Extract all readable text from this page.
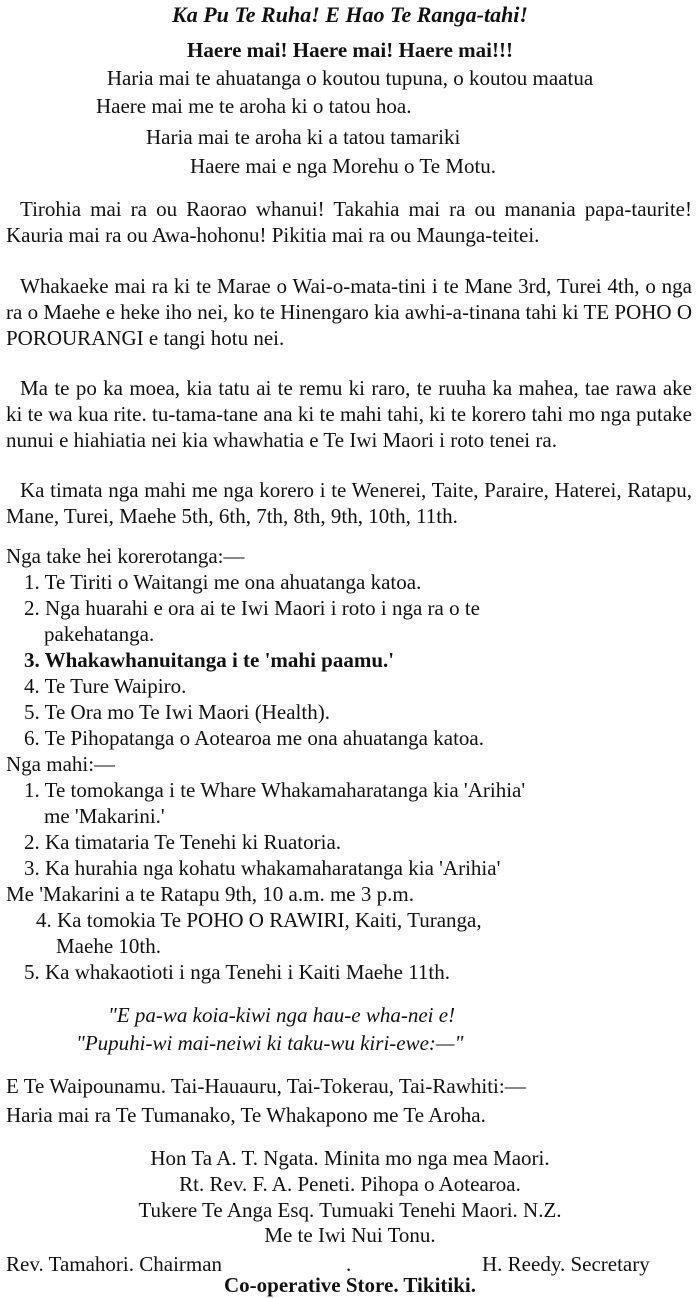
Ka Pu Te Ruha! E Hao Te Ranga-tahi!
Haere mai! Haere mai! Haere mai!!!
Haria mai te ahuatanga o koutou tupuna, o koutou maatua
Haere mai me te aroha ki o tatou hoa.
Haria mai te aroha ki a tatou tamariki
Haere mai e nga Morehu o Te Motu.
Tirohia mai ra ou Raorao whanui! Takahia mai ra ou manania papa-taurite! Kauria mai ra ou Awa-hohonu! Pikitia mai ra ou Maunga-teitei.
Whakaeke mai ra ki te Marae o Wai-o-mata-tini i te Mane 3rd, Turei 4th, o nga ra o Maehe e heke iho nei, ko te Hinengaro kia awhi-a-tinana tahi ki TE POHO O POROURANGI e tangi hotu nei.
Ma te po ka moea, kia tatu ai te remu ki raro, te ruuha ka mahea, tae rawa ake ki te wa kua rite. tu-tama-tane ana ki te mahi tahi, ki te korero tahi mo nga putake nunui e hiahiatia nei kia whawhatia e Te Iwi Maori i roto tenei ra.
Ka timata nga mahi me nga korero i te Wenerei, Taite, Paraire, Haterei, Ratapu, Mane, Turei, Maehe 5th, 6th, 7th, 8th, 9th, 10th, 11th.
Nga take hei korerotanga:—
1. Te Tiriti o Waitangi me ona ahuatanga katoa.
2. Nga huarahi e ora ai te Iwi Maori i roto i nga ra o te
pakehatanga.
3. Whakawhanuitanga i te 'mahi paamu.'
4. Te Ture Waipiro.
5. Te Ora mo Te Iwi Maori (Health).
6. Te Pihopatanga o Aotearoa me ona ahuatanga katoa.
Nga mahi:—
1. Te tomokanga i te Whare Whakamaharatanga kia 'Arihia'
me 'Makarini.'
2. Ka timataria Te Tenehi ki Ruatoria.
3. Ka hurahia nga kohatu whakamaharatanga kia 'Arihia'
Me 'Makarini a te Ratapu 9th, 10 a.m. me 3 p.m.
4. Ka tomokia Te POHO O RAWIRI, Kaiti, Turanga,
Maehe 10th.
5. Ka whakaotioti i nga Tenehi i Kaiti Maehe 11th.
"E pa-wa koia-kiwi nga hau-e wha-nei e!
"Pupuhi-wi mai-neiwi ki taku-wu kiri-ewe:—"
E Te Waipounamu. Tai-Hauauru, Tai-Tokerau, Tai-Rawhiti:—
Haria mai ra Te Tumanako, Te Whakapono me Te Aroha.
Hon Ta A. T. Ngata. Minita mo nga mea Maori.
Rt. Rev. F. A. Peneti. Pihopa o Aotearoa.
Tukere Te Anga Esq. Tumuaki Tenehi Maori. N.Z.
Me te Iwi Nui Tonu.
Rev. Tamahori. Chairman	.	H. Reedy. Secretary
Co-operative Store. Tikitiki.
